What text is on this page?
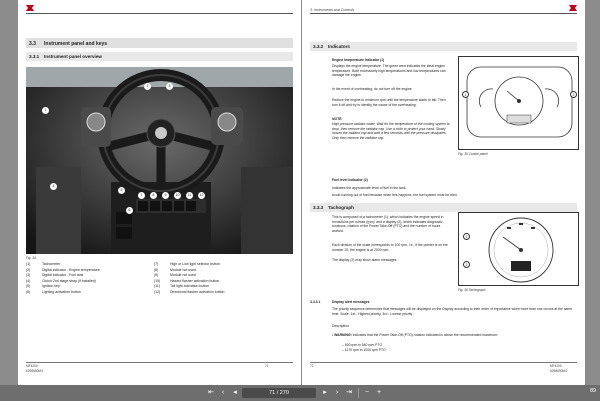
3.3 Instrument panel and keys
3.3.1 Instrument panel overview
1
2	3
4
5
6
7	8	9	10	11	12
Fig. 34
(1)	Tachometer
(2)	Digital indicator - Engine temperature
(3)	Digital indicator - Fuel tank
(4)	Clutch 2nd stage strap (if installed)
(5)	Ignition key
(6)	Lighting activation button
(7)	High or Low light selector button
(8)	Module not used
(9)	Module not used
(10)	Hazard flasher activation button
(11)	Tail light activation button
(12)	Directional flasher activation button
MF4200
6298690M4
71
3. Instruments and Controls
3.3.2 Indicators
Engine temperature indicator (1)
Displays the engine temperature. The green area indicates the ideal engine temperature. Both excessively high temperatures and low temperatures can damage the engine.
In the event of overheating, do not turn off the engine.
Reduce the engine to minimum rpm until the temperature starts to fall. Then turn it off and try to identify the cause of the overheating.
NOTE:
High pressure radiator water. Wait for the temperature of the cooling system to drop, then remove the radiator cap. Use a cloth to protect your hand. Slowly loosen the radiator cap and wait a few seconds until the pressure dissipates. Only then remove the radiator cap.
1	2
Fig. 35 Control panel
Fuel level indicator (2)
Indicates the approximate level of fuel in the tank.
Avoid running out of fuel because when this happens, the fuel system must be bled.
3.3.3 Tachograph
This is composed of a tachometer (1), which indicates the engine speed in revolutions per minute (rpm); and a display (2), which indicates diagnostic functions, rotation of the Power Take-Off (PTO) and the number of hours worked.
Each division of the scale corresponds to 100 rpm, i.e., if the pointer is on the number 20, the engine is at 2000 rpm.
The display (2) may show alarm messages.
1
2
Fig. 36 Tachograph
3.3.3.1	Display alert messages
The priority sequence determines that messages will be displayed on the Display according to their order of importance when more than one occurs at the same time. Scale: 1st - Highest priority, 3rd - Lowest priority.
Description
• WARNING! Indicates that the Power Take-Off (PTO) rotation indicated is above the recommended maximum:
– 600 rpm in 540 rpm PTO
– 1170 rpm in 1000 rpm PTO
72	MF4200
6298690M4
⇤	‹	◂	71 / 270	▸	›	⇥	−	+	89
